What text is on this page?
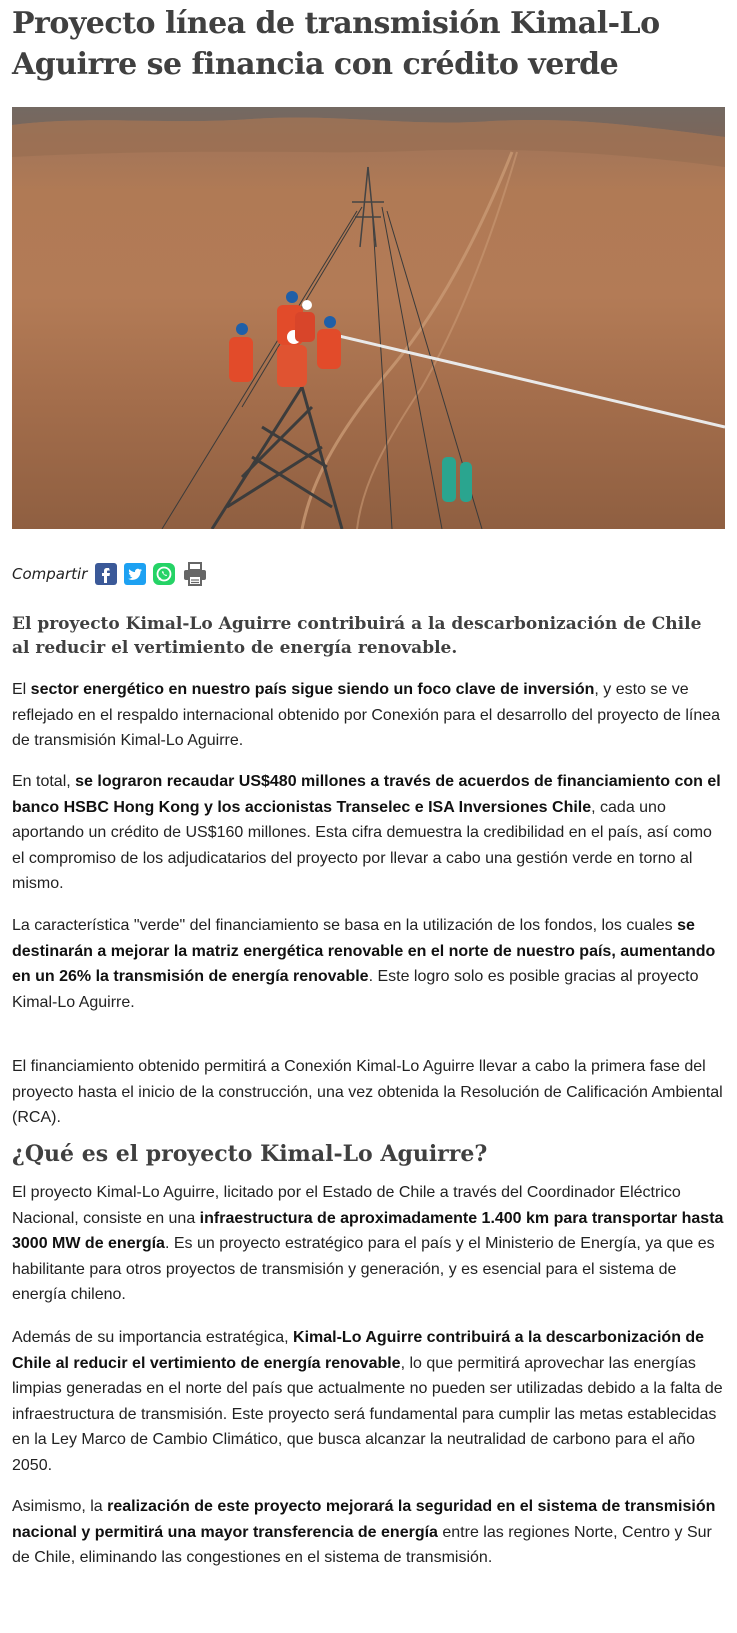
Proyecto línea de transmisión Kimal-Lo Aguirre se financia con crédito verde
Compartir

El proyecto Kimal-Lo Aguirre contribuirá a la descarbonización de Chile al reducir el vertimiento de energía renovable.

El sector energético en nuestro país sigue siendo un foco clave de inversión, y esto se ve reflejado en el respaldo internacional obtenido por Conexión para el desarrollo del proyecto de línea de transmisión Kimal-Lo Aguirre.

En total, se lograron recaudar US$480 millones a través de acuerdos de financiamiento con el banco HSBC Hong Kong y los accionistas Transelec e ISA Inversiones Chile, cada uno aportando un crédito de US$160 millones. Esta cifra demuestra la credibilidad en el país, así como el compromiso de los adjudicatarios del proyecto por llevar a cabo una gestión verde en torno al mismo.

La característica "verde" del financiamiento se basa en la utilización de los fondos, los cuales se destinarán a mejorar la matriz energética renovable en el norte de nuestro país, aumentando en un 26% la transmisión de energía renovable. Este logro solo es posible gracias al proyecto Kimal-Lo Aguirre.

El financiamiento obtenido permitirá a Conexión Kimal-Lo Aguirre llevar a cabo la primera fase del proyecto hasta el inicio de la construcción, una vez obtenida la Resolución de Calificación Ambiental (RCA).

¿Qué es el proyecto Kimal-Lo Aguirre?

El proyecto Kimal-Lo Aguirre, licitado por el Estado de Chile a través del Coordinador Eléctrico Nacional, consiste en una infraestructura de aproximadamente 1.400 km para transportar hasta 3000 MW de energía. Es un proyecto estratégico para el país y el Ministerio de Energía, ya que es habilitante para otros proyectos de transmisión y generación, y es esencial para el sistema de energía chileno.

Además de su importancia estratégica, Kimal-Lo Aguirre contribuirá a la descarbonización de Chile al reducir el vertimiento de energía renovable, lo que permitirá aprovechar las energías limpias generadas en el norte del país que actualmente no pueden ser utilizadas debido a la falta de infraestructura de transmisión. Este proyecto será fundamental para cumplir las metas establecidas en la Ley Marco de Cambio Climático, que busca alcanzar la neutralidad de carbono para el año 2050.

Asimismo, la realización de este proyecto mejorará la seguridad en el sistema de transmisión nacional y permitirá una mayor transferencia de energía entre las regiones Norte, Centro y Sur de Chile, eliminando las congestiones en el sistema de transmisión.
